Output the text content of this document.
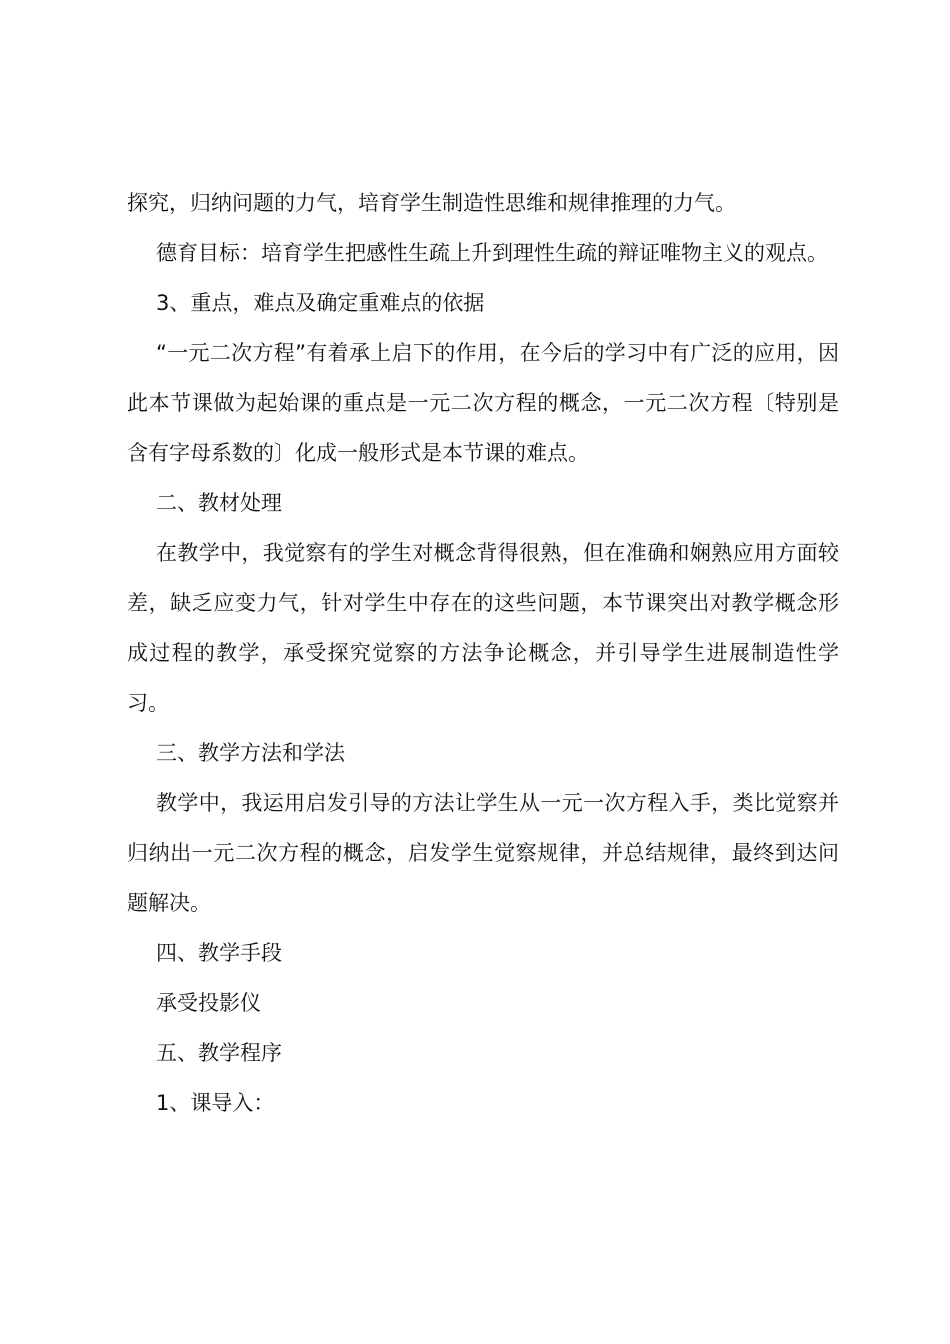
探究，归纳问题的力气，培育学生制造性思维和规律推理的力气。

德育目标：培育学生把感性生疏上升到理性生疏的辩证唯物主义的观点。

3、重点，难点及确定重难点的依据

“一元二次方程”有着承上启下的作用，在今后的学习中有广泛的应用，因此本节课做为起始课的重点是一元二次方程的概念，一元二次方程〔特别是含有字母系数的〕化成一般形式是本节课的难点。

二、教材处理

在教学中，我觉察有的学生对概念背得很熟，但在准确和娴熟应用方面较差，缺乏应变力气，针对学生中存在的这些问题，本节课突出对教学概念形成过程的教学，承受探究觉察的方法争论概念，并引导学生进展制造性学习。

三、教学方法和学法

教学中，我运用启发引导的方法让学生从一元一次方程入手，类比觉察并归纳出一元二次方程的概念，启发学生觉察规律，并总结规律，最终到达问题解决。

四、教学手段

承受投影仪

五、教学程序

1、课导入：
